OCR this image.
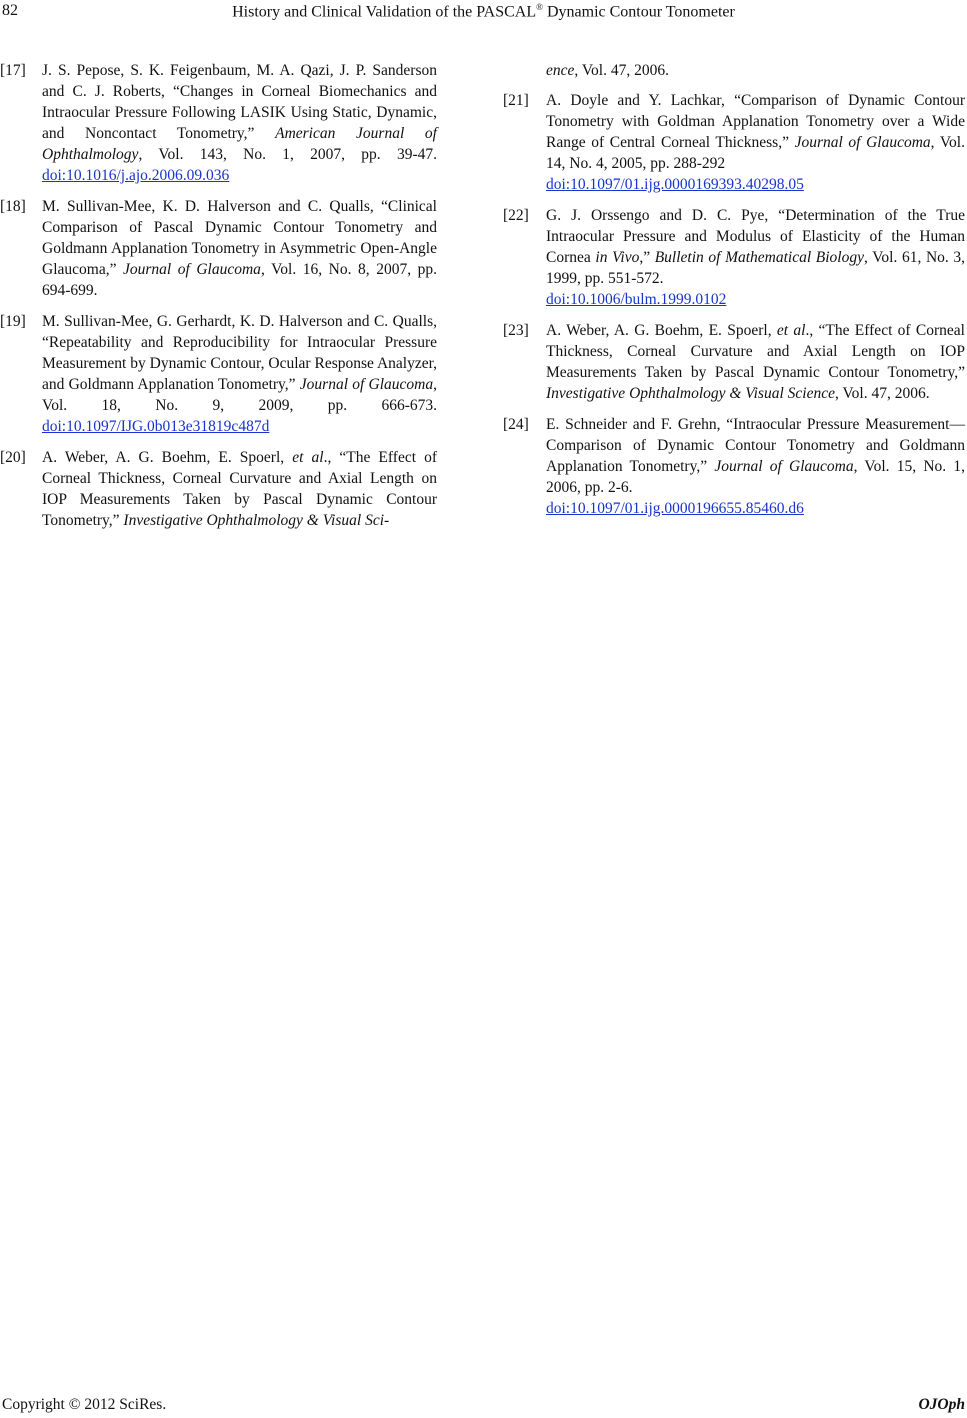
82	History and Clinical Validation of the PASCAL® Dynamic Contour Tonometer
[17]	J. S. Pepose, S. K. Feigenbaum, M. A. Qazi, J. P. Sanderson and C. J. Roberts, “Changes in Corneal Biomechanics and Intraocular Pressure Following LASIK Using Static, Dynamic, and Noncontact Tonometry,” American Journal of Ophthalmology, Vol. 143, No. 1, 2007, pp. 39-47. doi:10.1016/j.ajo.2006.09.036
[18]	M. Sullivan-Mee, K. D. Halverson and C. Qualls, “Clinical Comparison of Pascal Dynamic Contour Tonometry and Goldmann Applanation Tonometry in Asymmetric Open-Angle Glaucoma,” Journal of Glaucoma, Vol. 16, No. 8, 2007, pp. 694-699.
[19]	M. Sullivan-Mee, G. Gerhardt, K. D. Halverson and C. Qualls, “Repeatability and Reproducibility for Intraocular Pressure Measurement by Dynamic Contour, Ocular Response Analyzer, and Goldmann Applanation Tonometry,” Journal of Glaucoma, Vol. 18, No. 9, 2009, pp. 666-673. doi:10.1097/IJG.0b013e31819c487d
[20]	A. Weber, A. G. Boehm, E. Spoerl, et al., “The Effect of Corneal Thickness, Corneal Curvature and Axial Length on IOP Measurements Taken by Pascal Dynamic Contour Tonometry,” Investigative Ophthalmology & Visual Sci-
ence, Vol. 47, 2006.
[21]	A. Doyle and Y. Lachkar, “Comparison of Dynamic Contour Tonometry with Goldman Applanation Tonometry over a Wide Range of Central Corneal Thickness,” Journal of Glaucoma, Vol. 14, No. 4, 2005, pp. 288-292
doi:10.1097/01.ijg.0000169393.40298.05
[22]	G. J. Orssengo and D. C. Pye, “Determination of the True Intraocular Pressure and Modulus of Elasticity of the Human Cornea in Vivo,” Bulletin of Mathematical Biology, Vol. 61, No. 3, 1999, pp. 551-572.
doi:10.1006/bulm.1999.0102
[23]	A. Weber, A. G. Boehm, E. Spoerl, et al., “The Effect of Corneal Thickness, Corneal Curvature and Axial Length on IOP Measurements Taken by Pascal Dynamic Contour Tonometry,” Investigative Ophthalmology & Visual Science, Vol. 47, 2006.
[24]	E. Schneider and F. Grehn, “Intraocular Pressure Measurement—Comparison of Dynamic Contour Tonometry and Goldmann Applanation Tonometry,” Journal of Glaucoma, Vol. 15, No. 1, 2006, pp. 2-6.
doi:10.1097/01.ijg.0000196655.85460.d6
Copyright © 2012 SciRes.	OJOph
